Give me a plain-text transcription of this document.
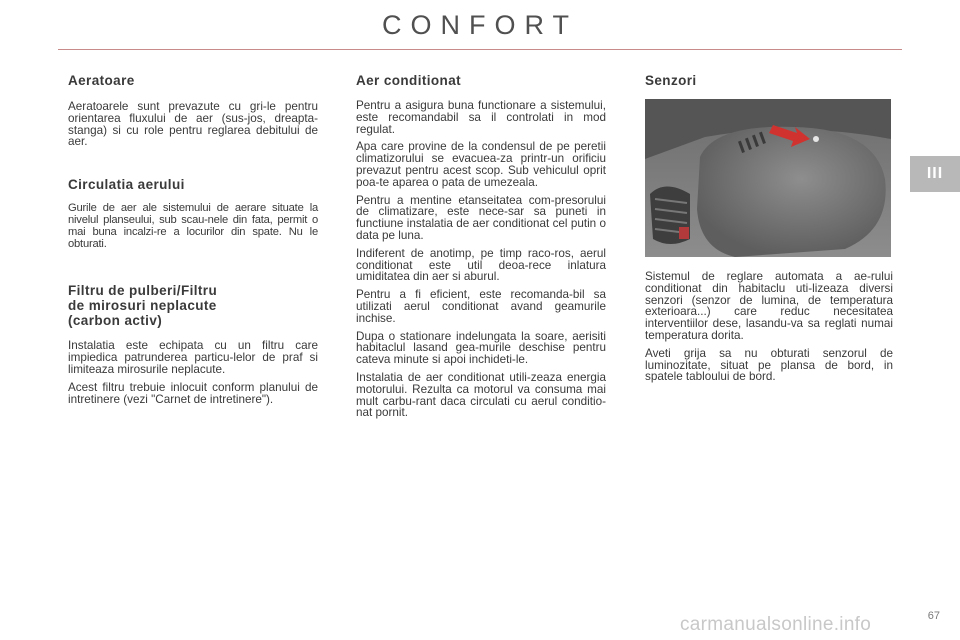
CONFORT
III
Aeratoare

Aeratoarele sunt prevazute cu gri-le pentru orientarea fluxului de aer (sus-jos, dreapta-stanga) si cu role pentru reglarea debitului de aer.

Circulatia aerului

Gurile de aer ale sistemului de aerare situate la nivelul planseului, sub scau-nele din fata, permit o mai buna incalzi-re a locurilor din spate. Nu le obturati.

Filtru de pulberi/Filtru
de mirosuri neplacute
(carbon activ)

Instalatia este echipata cu un filtru care impiedica patrunderea particu-lelor de praf si limiteaza mirosurile neplacute.

Acest filtru trebuie inlocuit conform planului de intretinere (vezi "Carnet de intretinere").

Aer conditionat

Pentru a asigura buna functionare a sistemului, este recomandabil sa il controlati in mod regulat.

Apa care provine de la condensul de pe peretii climatizorului se evacuea-za printr-un orificiu prevazut pentru acest scop. Sub vehiculul oprit poa-te aparea o pata de umezeala.

Pentru a mentine etanseitatea com-presorului de climatizare, este nece-sar sa puneti in functiune instalatia de aer conditionat cel putin o data pe luna.

Indiferent de anotimp, pe timp raco-ros, aerul conditionat este util deoa-rece inlatura umiditatea din aer si aburul.

Pentru a fi eficient, este recomanda-bil sa utilizati aerul conditionat avand geamurile inchise.

Dupa o stationare indelungata la soare, aerisiti habitaclul lasand gea-murile deschise pentru cateva minute si apoi inchideti-le.

Instalatia de aer conditionat utili-zeaza energia motorului. Rezulta ca motorul va consuma mai mult carbu-rant daca circulati cu aerul conditio-nat pornit.

Senzori

Sistemul de reglare automata a ae-rului conditionat din habitaclu uti-lizeaza diversi senzori (senzor de lumina, de temperatura exterioara...) care reduc necesitatea interventiilor dese, lasandu-va sa reglati numai temperatura dorita.

Aveti grija sa nu obturati senzorul de luminozitate, situat pe plansa de bord, in spatele tabloului de bord.

carmanualsonline.info	67
